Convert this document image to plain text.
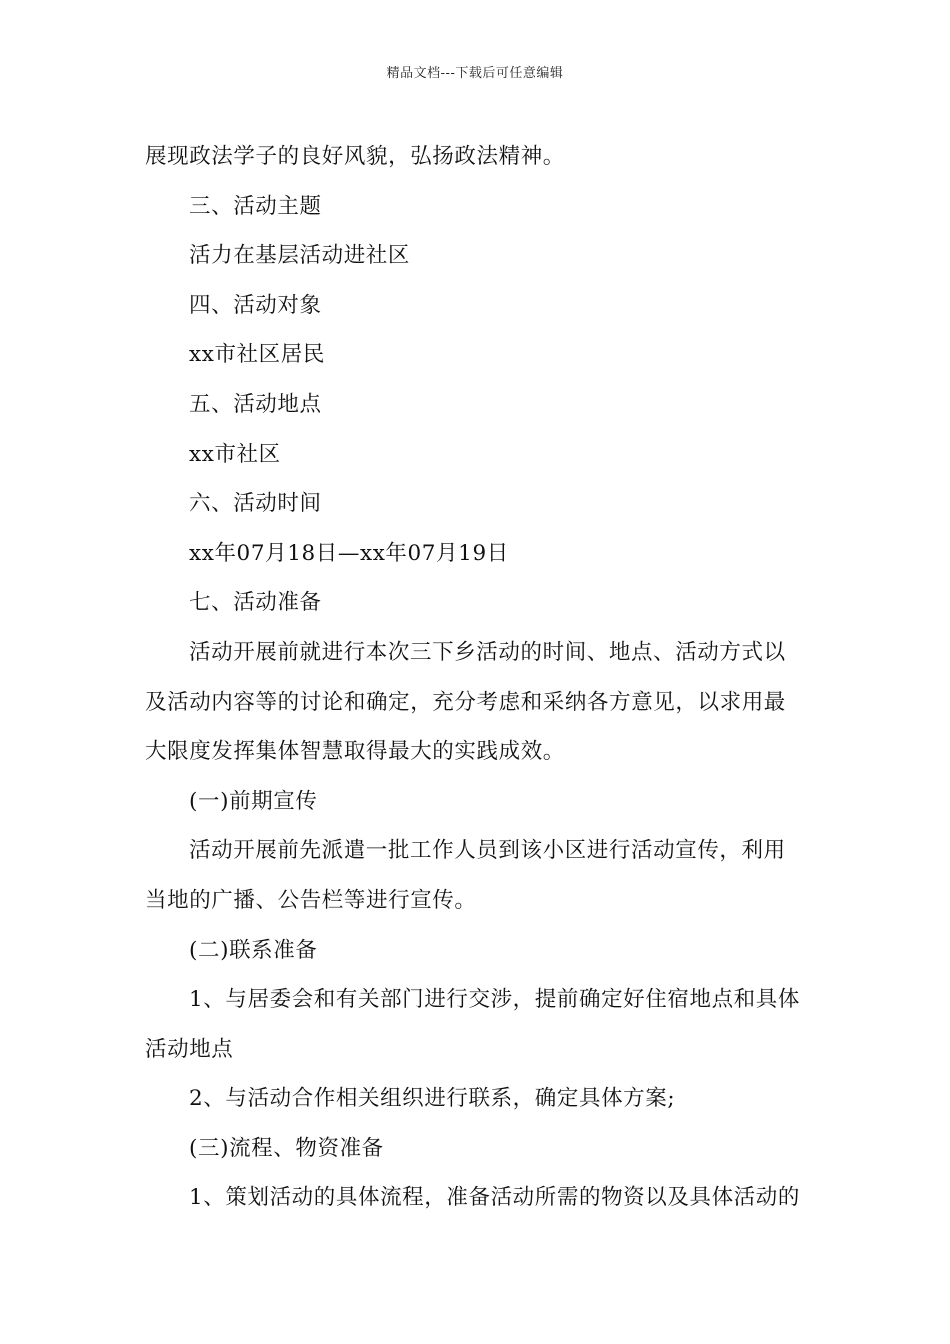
精品文档---下载后可任意编辑

展现政法学子的良好风貌，弘扬政法精神。

三、活动主题

活力在基层活动进社区

四、活动对象

xx市社区居民

五、活动地点

xx市社区

六、活动时间

xx年07月18日—xx年07月19日

七、活动准备

活动开展前就进行本次三下乡活动的时间、地点、活动方式以及活动内容等的讨论和确定，充分考虑和采纳各方意见，以求用最大限度发挥集体智慧取得最大的实践成效。

(一)前期宣传

活动开展前先派遣一批工作人员到该小区进行活动宣传，利用当地的广播、公告栏等进行宣传。

(二)联系准备

1、与居委会和有关部门进行交涉，提前确定好住宿地点和具体活动地点

2、与活动合作相关组织进行联系，确定具体方案;

(三)流程、物资准备

1、策划活动的具体流程，准备活动所需的物资以及具体活动的
